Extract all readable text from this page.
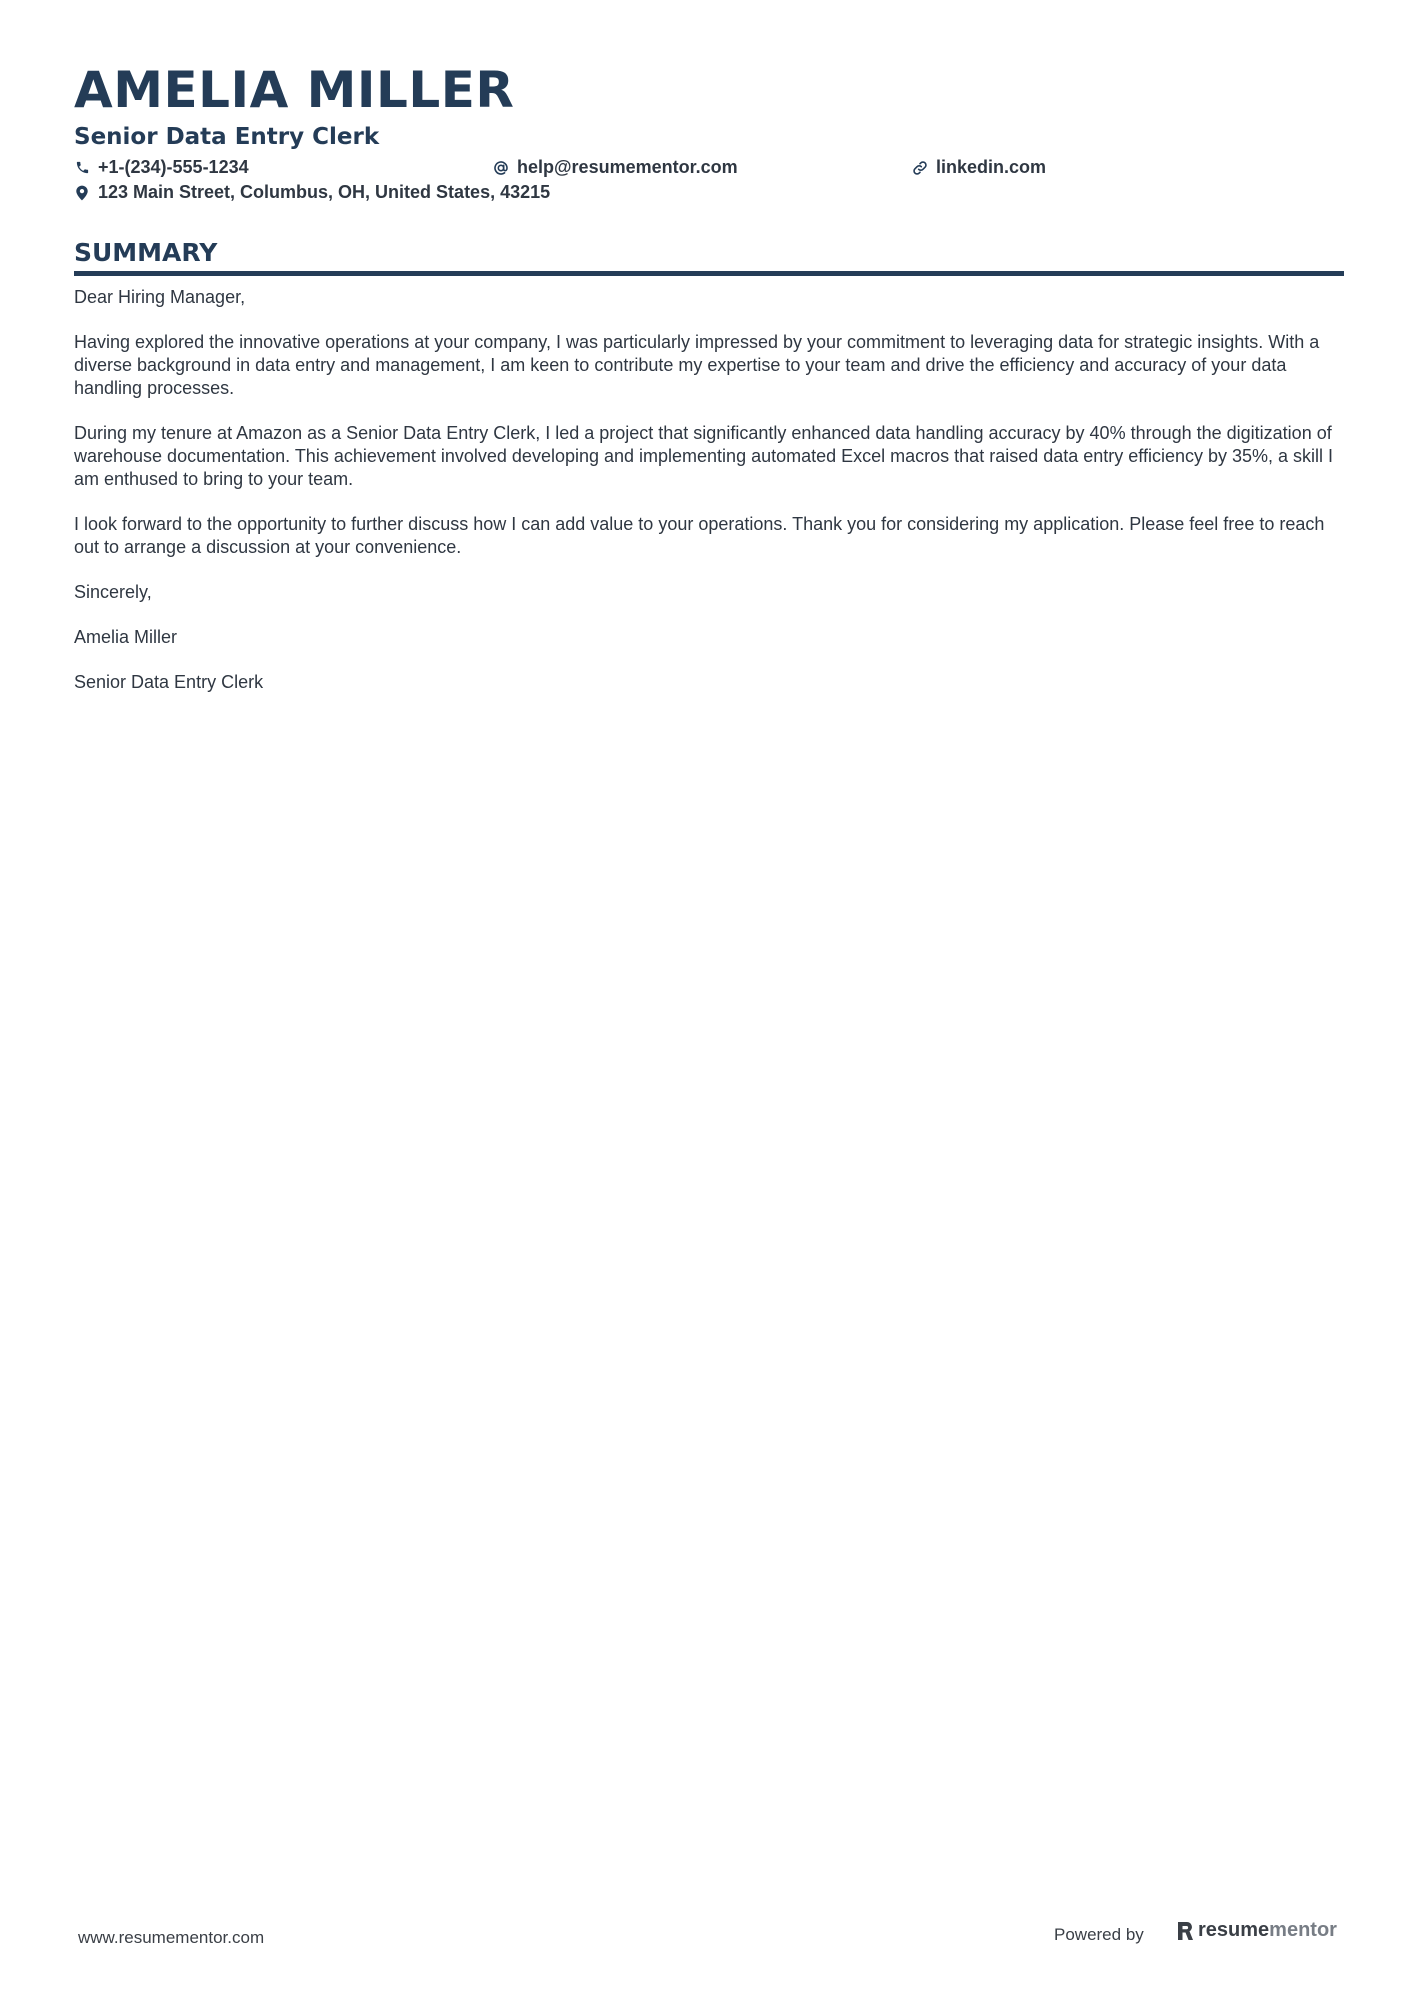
AMELIA MILLER
Senior Data Entry Clerk
+1-(234)-555-1234	help@resumementor.com	linkedin.com
123 Main Street, Columbus, OH, United States, 43215
SUMMARY

Dear Hiring Manager,

Having explored the innovative operations at your company, I was particularly impressed by your commitment to leveraging data for strategic insights. With a diverse background in data entry and management, I am keen to contribute my expertise to your team and drive the efficiency and accuracy of your data handling processes.

During my tenure at Amazon as a Senior Data Entry Clerk, I led a project that significantly enhanced data handling accuracy by 40% through the digitization of warehouse documentation. This achievement involved developing and implementing automated Excel macros that raised data entry efficiency by 35%, a skill I am enthused to bring to your team.

I look forward to the opportunity to further discuss how I can add value to your operations. Thank you for considering my application. Please feel free to reach out to arrange a discussion at your convenience.

Sincerely,

Amelia Miller

Senior Data Entry Clerk

www.resumementor.com	Powered by	resume mentor
